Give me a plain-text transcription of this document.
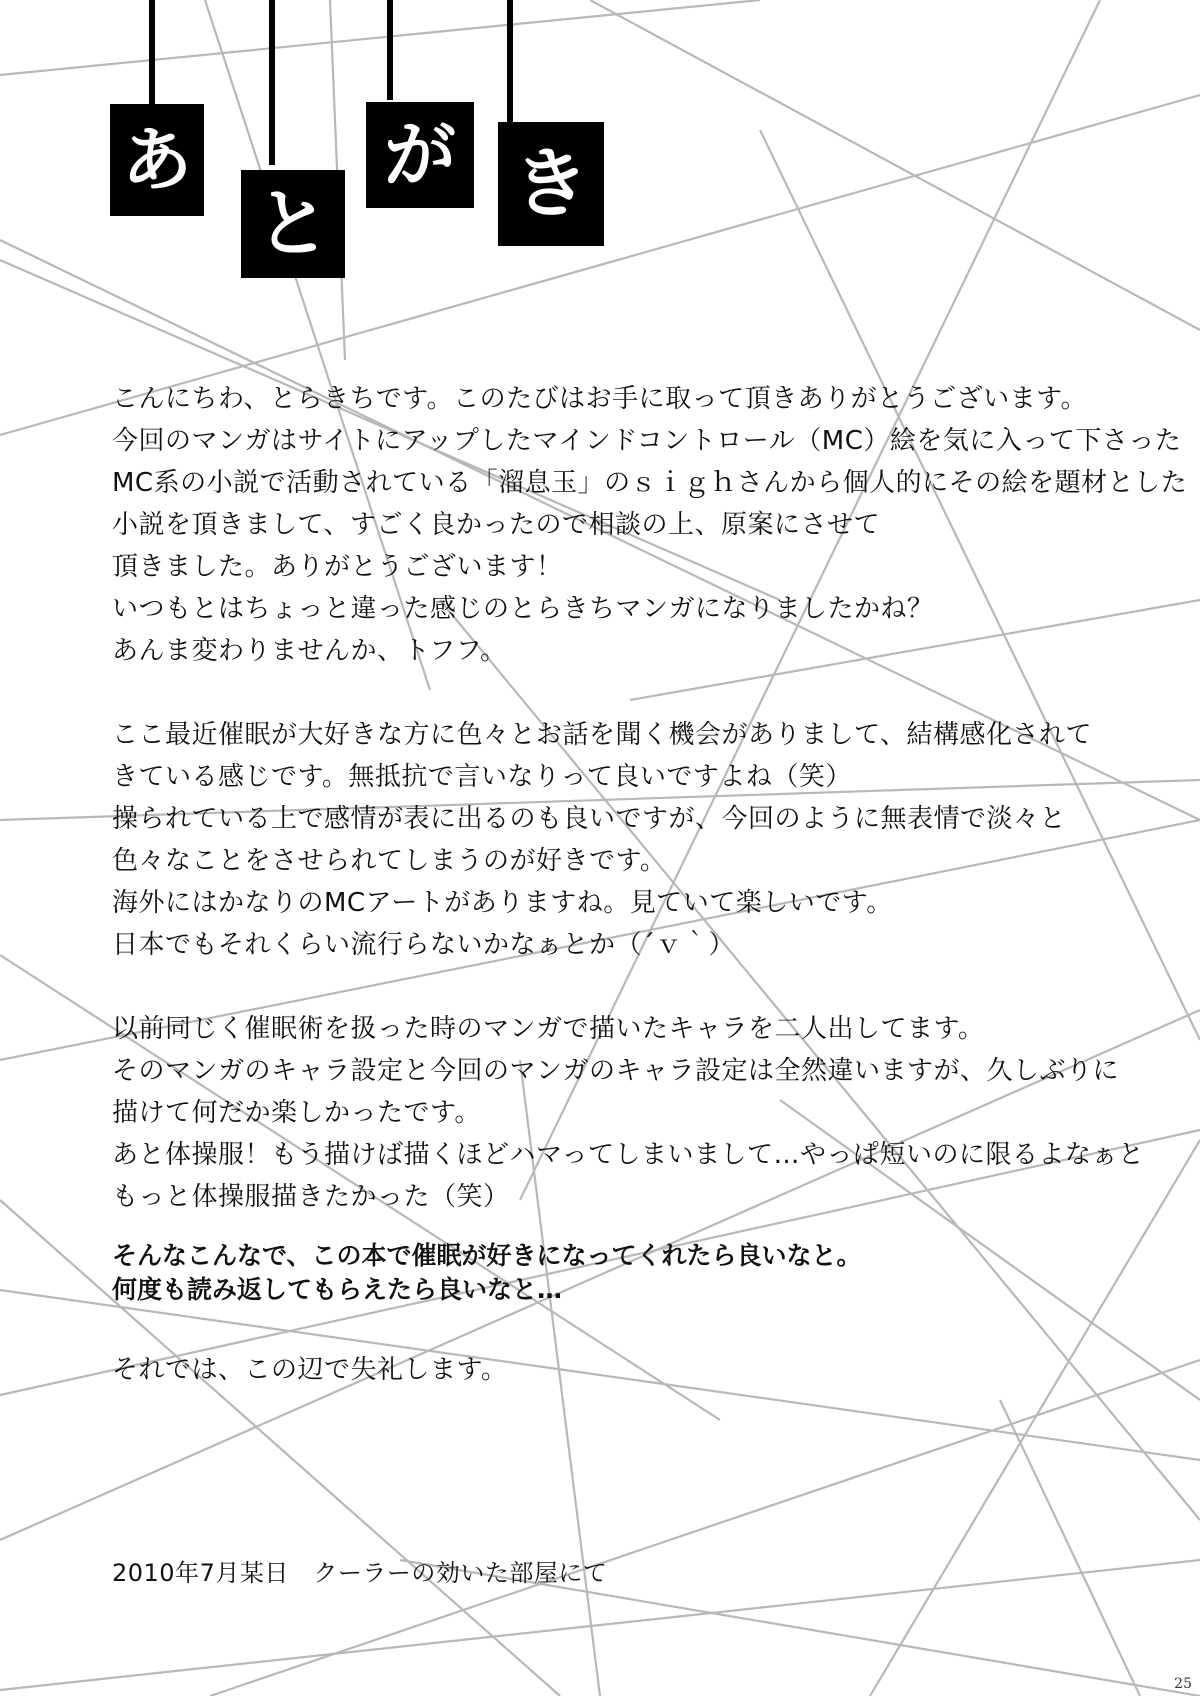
あ
と
が き
こんにちわ、とらきちです。このたびはお手に取って頂きありがとうございます。
今回のマンガはサイトにアップしたマインドコントロール（MC）絵を気に入って下さった
MC系の小説で活動されている「溜息玉」のｓｉｇｈさんから個人的にその絵を題材とした
小説を頂きまして、すごく良かったので相談の上、原案にさせて
頂きました。ありがとうございます！
いつもとはちょっと違った感じのとらきちマンガになりましたかね？
あんま変わりませんか、トフフ。
ここ最近催眠が大好きな方に色々とお話を聞く機会がありまして、結構感化されて
きている感じです。無抵抗で言いなりって良いですよね（笑）
操られている上で感情が表に出るのも良いですが、今回のように無表情で淡々と
色々なことをさせられてしまうのが好きです。
海外にはかなりのMCアートがありますね。見ていて楽しいです。
日本でもそれくらい流行らないかなぁとか（´ｖ｀）
以前同じく催眠術を扱った時のマンガで描いたキャラを二人出してます。
そのマンガのキャラ設定と今回のマンガのキャラ設定は全然違いますが、久しぶりに
描けて何だか楽しかったです。
あと体操服！もう描けば描くほどハマってしまいまして…やっぱ短いのに限るよなぁと
もっと体操服描きたかった（笑）
そんなこんなで、この本で催眠が好きになってくれたら良いなと。
何度も読み返してもらえたら良いなと…
それでは、この辺で失礼します。
2010年7月某日　クーラーの効いた部屋にて
25
